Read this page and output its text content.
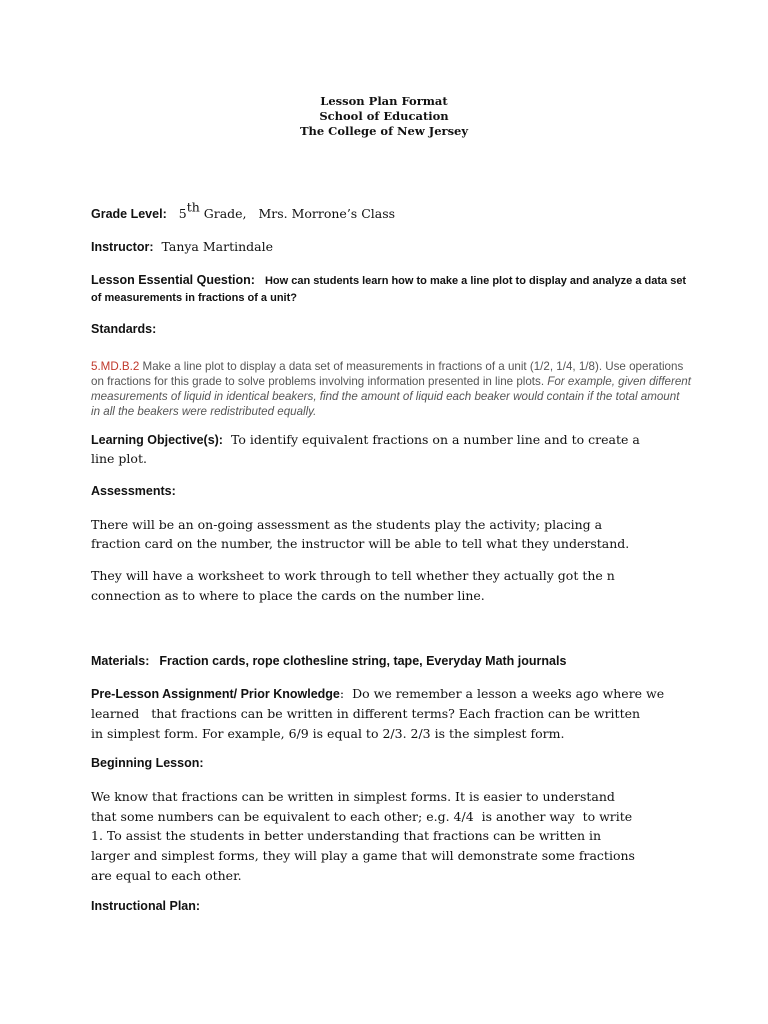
Lesson Plan Format
School of Education
The College of New Jersey
Grade Level: 5th Grade,   Mrs. Morrone’s Class
Instructor: Tanya Martindale
Lesson Essential Question: How can students learn how to make a line plot to display and analyze a data set
of measurements in fractions of a unit?
Standards:
5.MD.B.2 Make a line plot to display a data set of measurements in fractions of a unit (1/2, 1/4, 1/8). Use operations on fractions for this grade to solve problems involving information presented in line plots. For example, given different measurements of liquid in identical beakers, find the amount of liquid each beaker would contain if the total amount in all the beakers were redistributed equally.
Learning Objective(s): To identify equivalent fractions on a number line and to create a
line plot.
Assessments:
There will be an on-going assessment as the students play the activity; placing a
fraction card on the number, the instructor will be able to tell what they understand.
They will have a worksheet to work through to tell whether they actually got the n
connection as to where to place the cards on the number line.
Materials: Fraction cards, rope clothesline string, tape, Everyday Math journals
Pre-Lesson Assignment/ Prior Knowledge: Do we remember a lesson a weeks ago where we
learned   that fractions can be written in different terms? Each fraction can be written
in simplest form. For example, 6/9 is equal to 2/3. 2/3 is the simplest form.
Beginning Lesson:
We know that fractions can be written in simplest forms. It is easier to understand
that some numbers can be equivalent to each other; e.g. 4/4  is another way  to write
1. To assist the students in better understanding that fractions can be written in
larger and simplest forms, they will play a game that will demonstrate some fractions
are equal to each other.
Instructional Plan:
